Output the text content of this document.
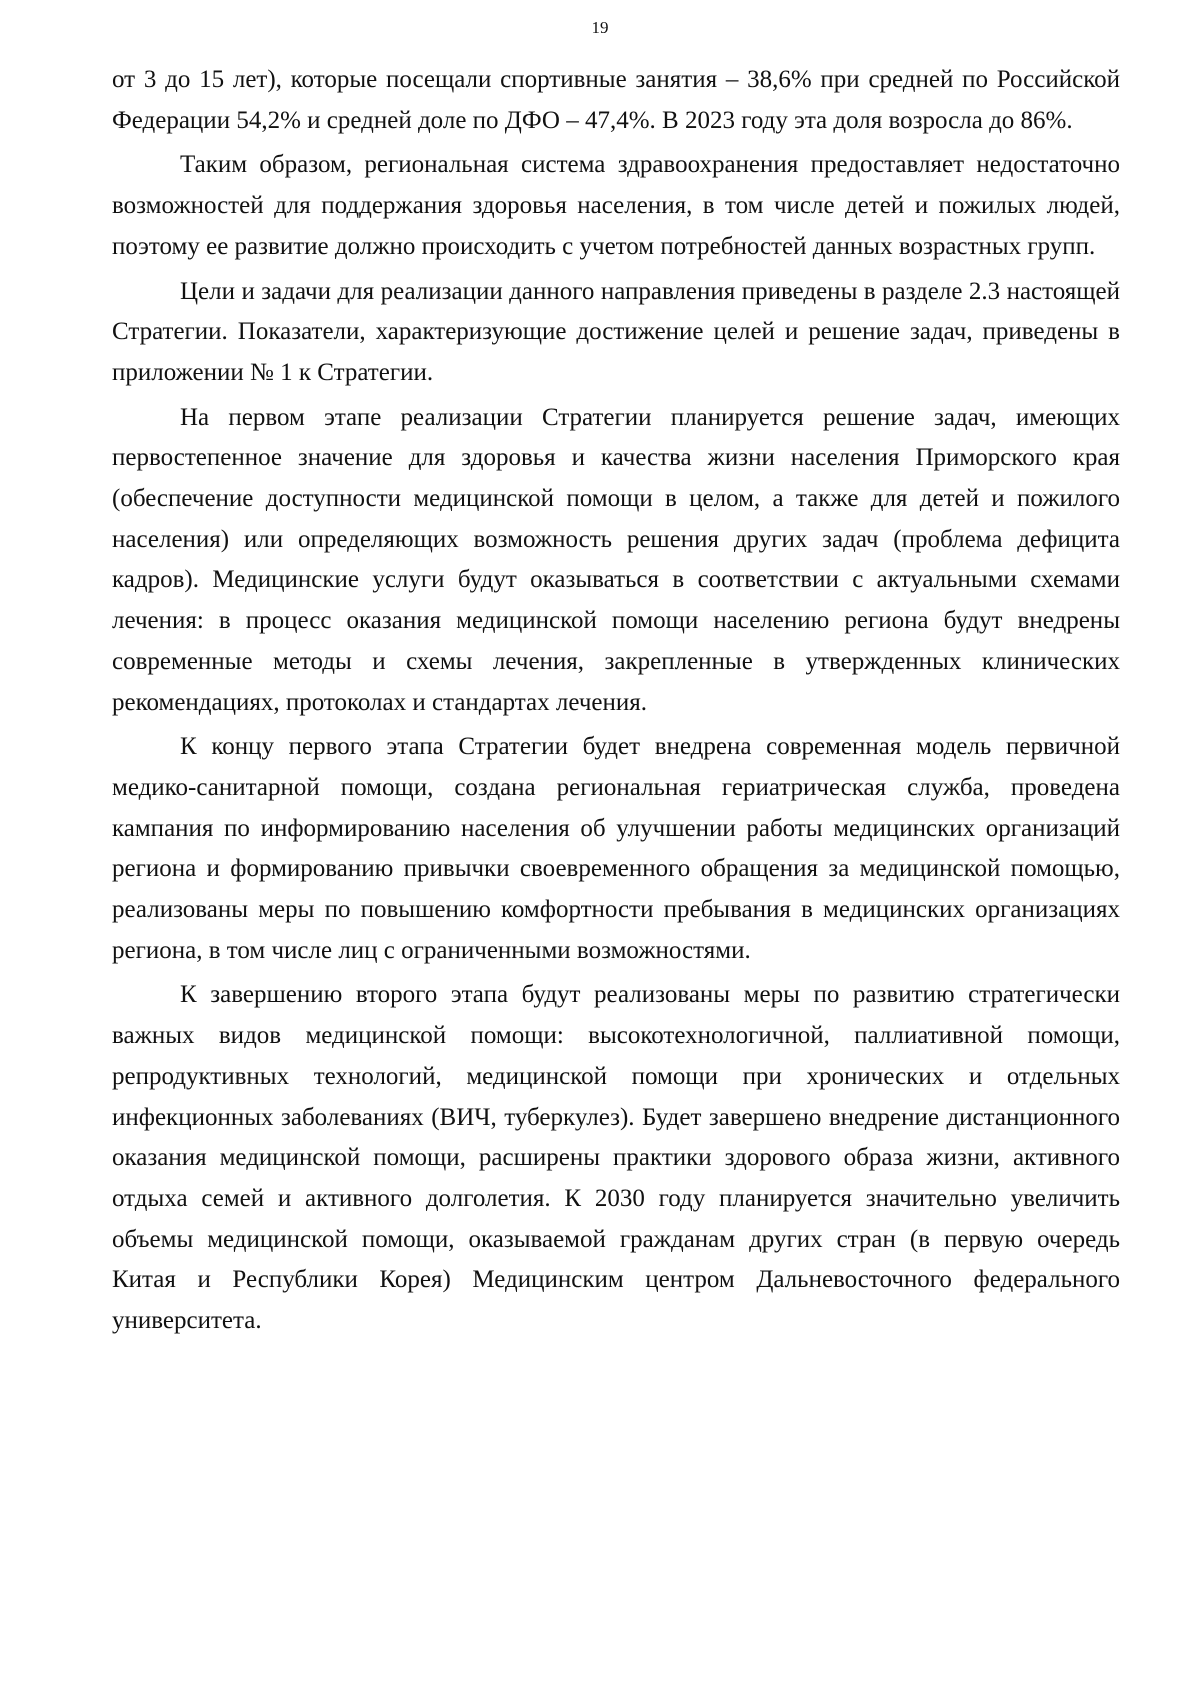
19

от 3 до 15 лет), которые посещали спортивные занятия – 38,6% при средней по Российской Федерации 54,2% и средней доле по ДФО – 47,4%. В 2023 году эта доля возросла до 86%.

Таким образом, региональная система здравоохранения предоставляет недостаточно возможностей для поддержания здоровья населения, в том числе детей и пожилых людей, поэтому ее развитие должно происходить с учетом потребностей данных возрастных групп.

Цели и задачи для реализации данного направления приведены в разделе 2.3 настоящей Стратегии. Показатели, характеризующие достижение целей и решение задач, приведены в приложении № 1 к Стратегии.

На первом этапе реализации Стратегии планируется решение задач, имеющих первостепенное значение для здоровья и качества жизни населения Приморского края (обеспечение доступности медицинской помощи в целом, а также для детей и пожилого населения) или определяющих возможность решения других задач (проблема дефицита кадров). Медицинские услуги будут оказываться в соответствии с актуальными схемами лечения: в процесс оказания медицинской помощи населению региона будут внедрены современные методы и схемы лечения, закрепленные в утвержденных клинических рекомендациях, протоколах и стандартах лечения.

К концу первого этапа Стратегии будет внедрена современная модель первичной медико-санитарной помощи, создана региональная гериатрическая служба, проведена кампания по информированию населения об улучшении работы медицинских организаций региона и формированию привычки своевременного обращения за медицинской помощью, реализованы меры по повышению комфортности пребывания в медицинских организациях региона, в том числе лиц с ограниченными возможностями.

К завершению второго этапа будут реализованы меры по развитию стратегически важных видов медицинской помощи: высокотехнологичной, паллиативной помощи, репродуктивных технологий, медицинской помощи при хронических и отдельных инфекционных заболеваниях (ВИЧ, туберкулез). Будет завершено внедрение дистанционного оказания медицинской помощи, расширены практики здорового образа жизни, активного отдыха семей и активного долголетия. К 2030 году планируется значительно увеличить объемы медицинской помощи, оказываемой гражданам других стран (в первую очередь Китая и Республики Корея) Медицинским центром Дальневосточного федерального университета.
